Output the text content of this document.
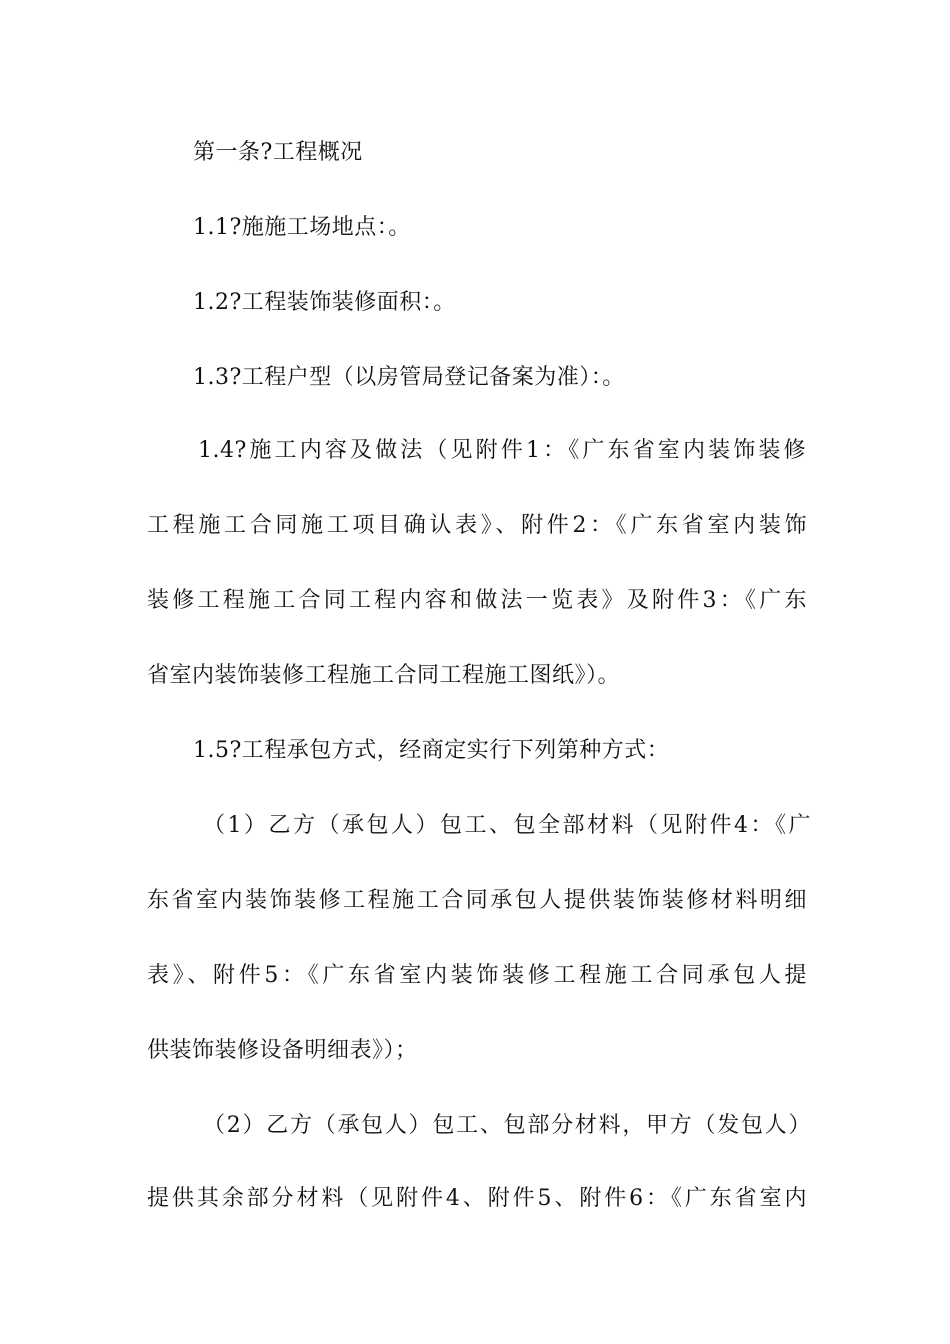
第一条?工程概况
1.1?施施工场地点：。
1.2?工程装饰装修面积：。
1.3?工程户型（以房管局登记备案为准）：。
1.4?施工内容及做法（见附件1：《广东省室内装饰装修
工程施工合同施工项目确认表》、附件2：《广东省室内装饰
装修工程施工合同工程内容和做法一览表》及附件3：《广东
省室内装饰装修工程施工合同工程施工图纸》）。
1.5?工程承包方式，经商定实行下列第种方式：
（1）乙方（承包人）包工、包全部材料（见附件4：《广
东省室内装饰装修工程施工合同承包人提供装饰装修材料明细
表》、附件5：《广东省室内装饰装修工程施工合同承包人提
供装饰装修设备明细表》）；
（2）乙方（承包人）包工、包部分材料，甲方（发包人）
提供其余部分材料（见附件4、附件5、附件6：《广东省室内
